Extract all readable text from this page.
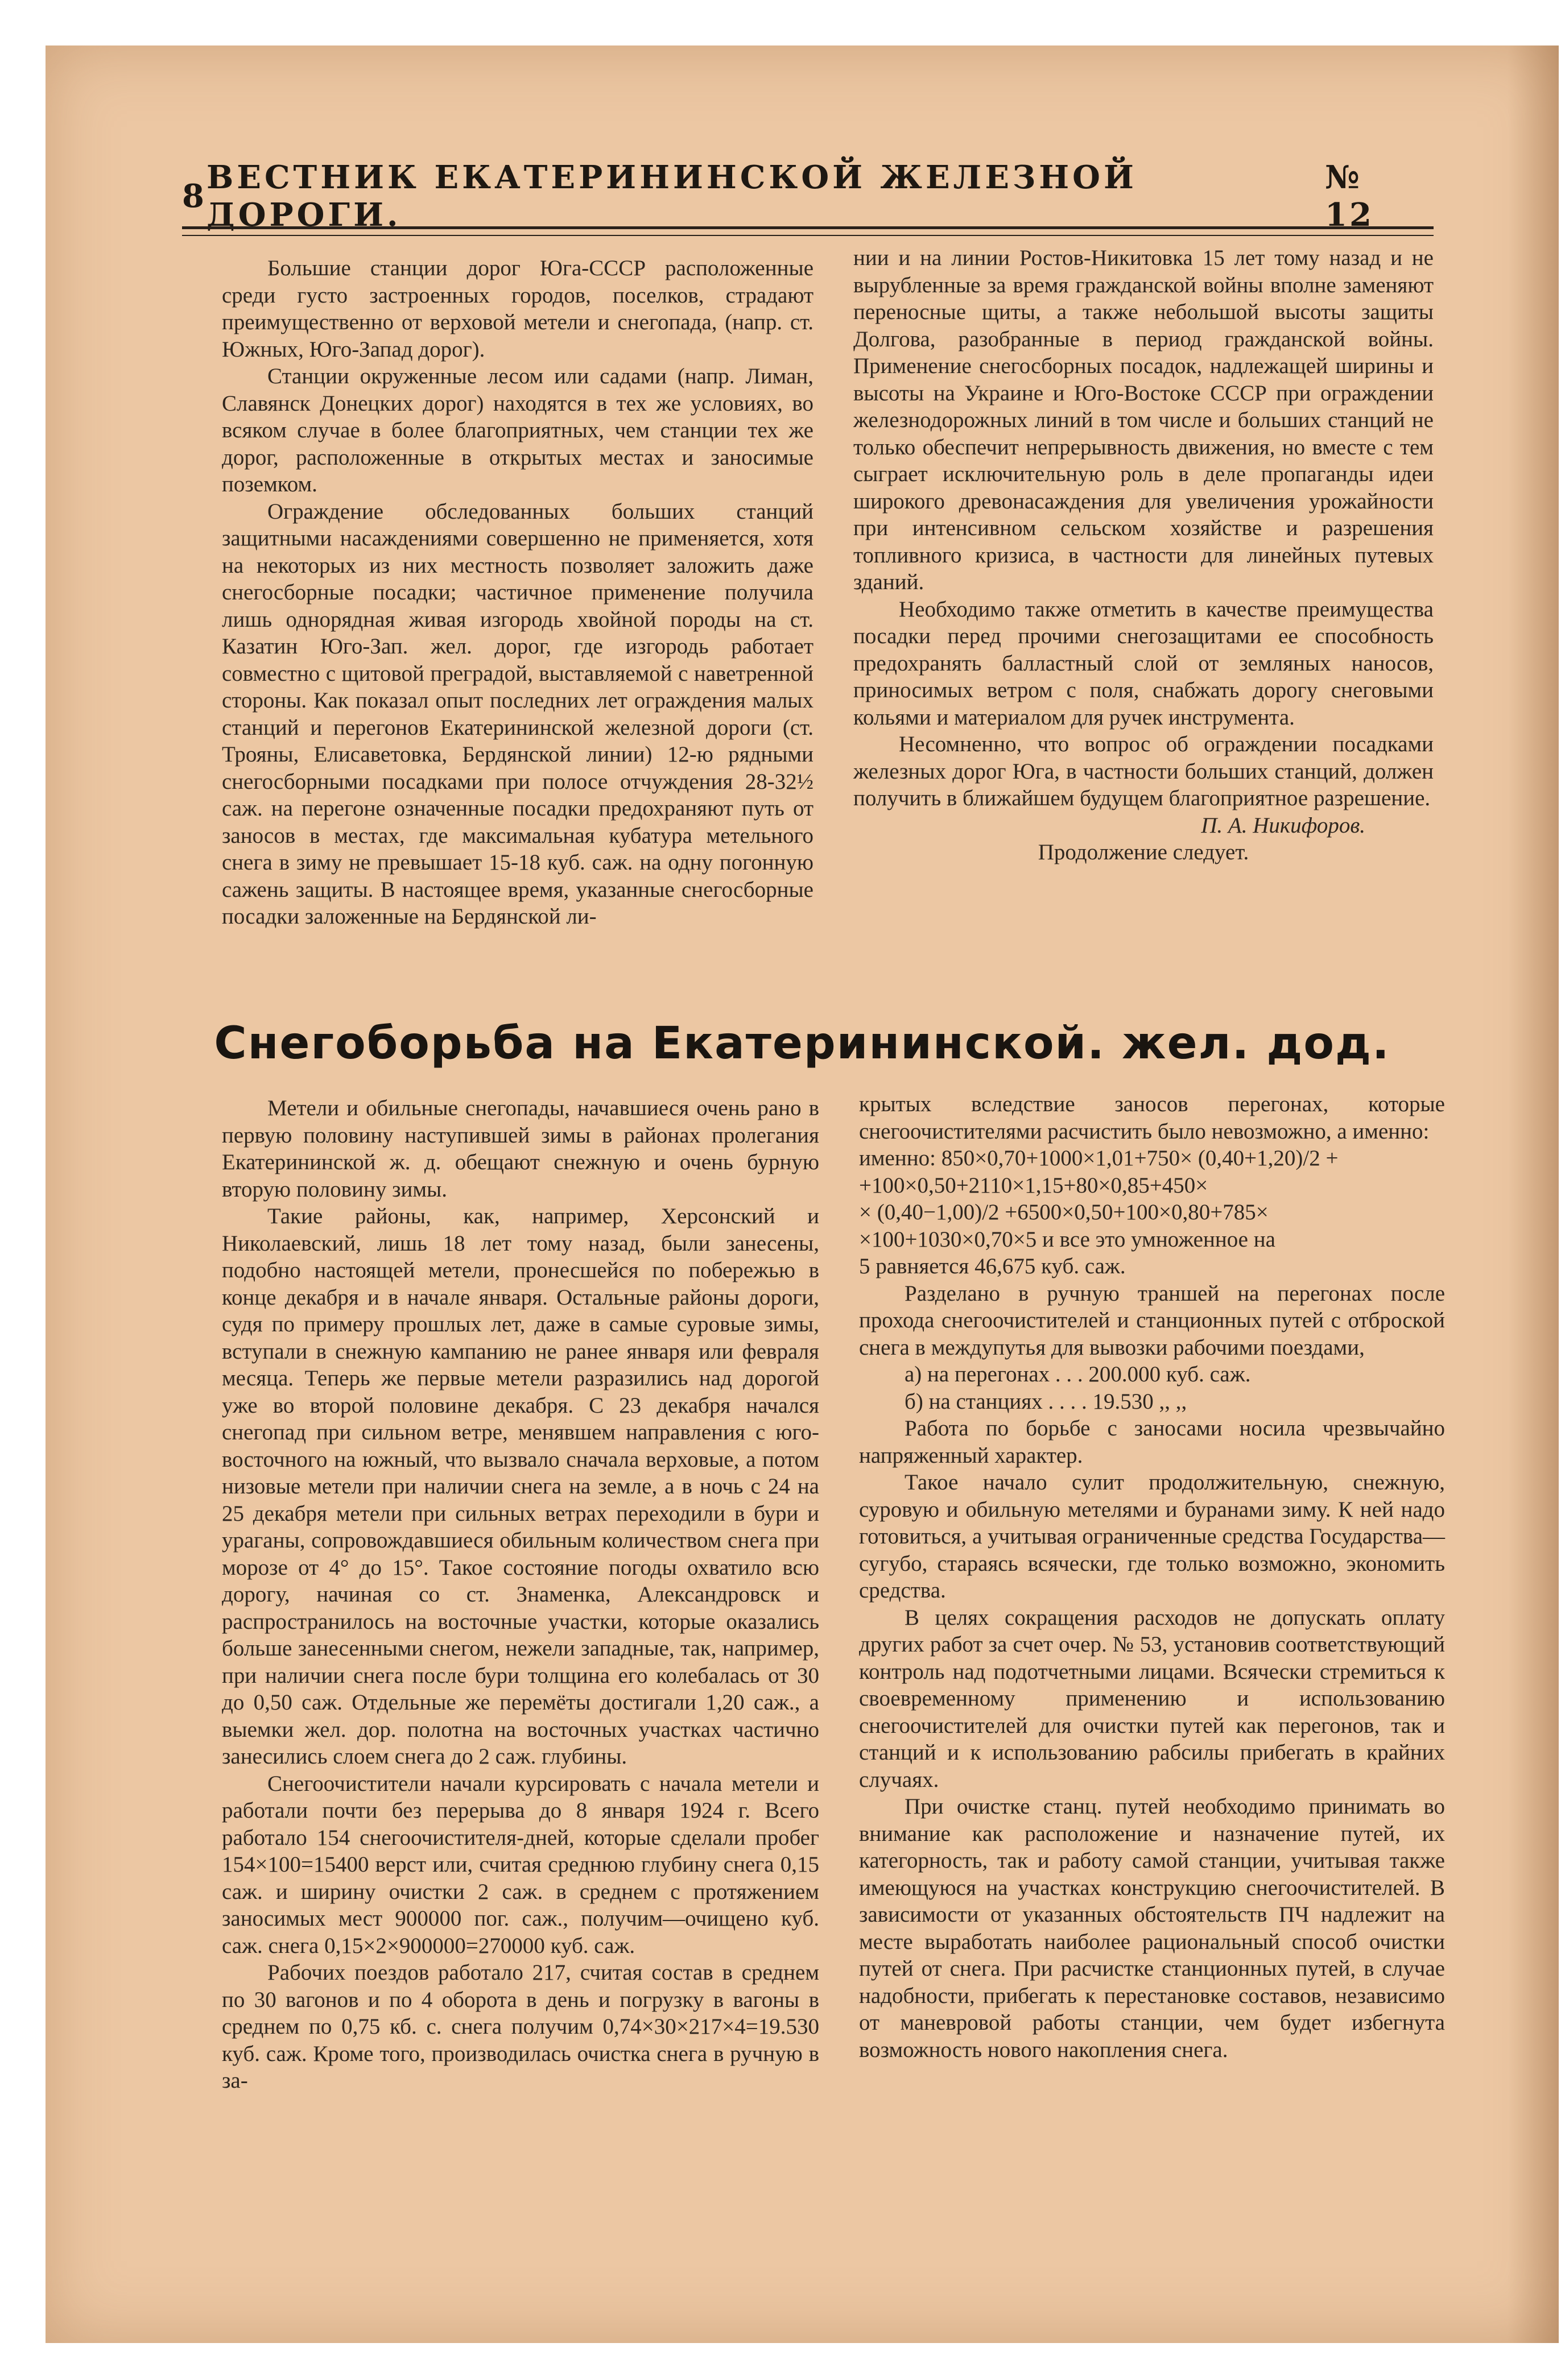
8 ВЕСТНИК ЕКАТЕРИНИНСКОЙ ЖЕЛЕЗНОЙ ДОРОГИ.
№ 12

Большие станции дорог Юга-СССР расположенные среди густо застроенных городов, поселков, страдают преимущественно от верховой метели и снегопада, (напр. ст. Южных, Юго-Запад дорог).

Станции окруженные лесом или садами (напр. Лиман, Славянск Донецких дорог) находятся в тех же условиях, во всяком случае в более благоприятных, чем станции тех же дорог, расположенные в открытых местах и заносимые поземком.

Ограждение обследованных больших станций защитными насаждениями совершенно не применяется, хотя на некоторых из них местность позволяет заложить даже снегосборные посадки; частичное применение получила лишь однорядная живая изгородь хвойной породы на ст. Казатин Юго-Зап. жел. дорог, где изгородь работает совместно с щитовой преградой, выставляемой с наветренной стороны. Как показал опыт последних лет ограждения малых станций и перегонов Екатерининской железной дороги (ст. Трояны, Елисаветовка, Бердянской линии) 12-ю рядными снегосборными посадками при полосе отчуждения 28-32½ саж. на перегоне означенные посадки предохраняют путь от заносов в местах, где максимальная кубатура метельного снега в зиму не превышает 15-18 куб. саж. на одну погонную сажень защиты. В настоящее время, указанные снегосборные посадки заложенные на Бердянской ли-

нии и на линии Ростов-Никитовка 15 лет тому назад и не вырубленные за время гражданской войны вполне заменяют переносные щиты, а также небольшой высоты защиты Долгова, разобранные в период гражданской войны. Применение снегосборных посадок, надлежащей ширины и высоты на Украине и Юго-Востоке СССР при ограждении железнодорожных линий в том числе и больших станций не только обеспечит непрерывность движения, но вместе с тем сыграет исключительную роль в деле пропаганды идеи широкого древонасаждения для увеличения урожайности при интенсивном сельском хозяйстве и разрешения топливного кризиса, в частности для линейных путевых зданий.

Необходимо также отметить в качестве преимущества посадки перед прочими снегозащитами ее способность предохранять балластный слой от земляных наносов, приносимых ветром с поля, снабжать дорогу снеговыми кольями и материалом для ручек инструмента.

Несомненно, что вопрос об ограждении посадками железных дорог Юга, в частности больших станций, должен получить в ближайшем будущем благоприятное разрешение.

П. А. Никифоров.

Продолжение следует.

Снегоборьба на Екатерининской. жел. дод.

Метели и обильные снегопады, начавшиеся очень рано в первую половину наступившей зимы в районах пролегания Екатерининской ж. д. обещают снежную и очень бурную вторую половину зимы.

Такие районы, как, например, Херсонский и Николаевский, лишь 18 лет тому назад, были занесены, подобно настоящей метели, пронесшейся по побережью в конце декабря и в начале января. Остальные районы дороги, судя по примеру прошлых лет, даже в самые суровые зимы, вступали в снежную кампанию не ранее января или февраля месяца. Теперь же первые метели разразились над дорогой уже во второй половине декабря. С 23 декабря начался снегопад при сильном ветре, менявшем направления с юго-восточного на южный, что вызвало сначала верховые, а потом низовые метели при наличии снега на земле, а в ночь с 24 на 25 декабря метели при сильных ветрах переходили в бури и ураганы, сопровождавшиеся обильным количеством снега при морозе от 4° до 15°. Такое состояние погоды охватило всю дорогу, начиная со ст. Знаменка, Александровск и распространилось на восточные участки, которые оказались больше занесенными снегом, нежели западные, так, например, при наличии снега после бури толщина его колебалась от 30 до 0,50 саж. Отдельные же перемёты достигали 1,20 саж., а выемки жел. дор. полотна на восточных участках частично занесились слоем снега до 2 саж. глубины.

Снегоочистители начали курсировать с начала метели и работали почти без перерыва до 8 января 1924 г. Всего работало 154 снегоочистителя-дней, которые сделали пробег 154×100=15400 верст или, считая среднюю глубину снега 0,15 саж. и ширину очистки 2 саж. в среднем с протяжением заносимых мест 900000 пог. саж., получим—очищено куб. саж. снега 0,15×2×900000=270000 куб. саж.

Рабочих поездов работало 217, считая состав в среднем по 30 вагонов и по 4 оборота в день и погрузку в вагоны в среднем по 0,75 кб. с. снега получим 0,74×30×217×4=19.530 куб. саж. Кроме того, производилась очистка снега в ручную в за-

крытых вследствие заносов перегонах, которые снегоочистителями расчистить было невозможно, а именно:

именно: 850×0,70+1000×1,01+750× (0,40+1,20)/2 +

+100×0,50+2110×1,15+80×0,85+450×

× (0,40−1,00)/2 +6500×0,50+100×0,80+785×

×100+1030×0,70×5 и все это умноженное на

5 равняется 46,675 куб. саж.

Разделано в ручную траншей на перегонах после прохода снегоочистителей и станционных путей с отброской снега в междупутья для вывозки рабочими поездами,

а) на перегонах . . . 200.000 куб. саж.

б) на станциях . . . . 19.530 ,, ,,

Работа по борьбе с заносами носила чрезвычайно напряженный характер.

Такое начало сулит продолжительную, снежную, суровую и обильную метелями и буранами зиму. К ней надо готовиться, а учитывая ограниченные средства Государства—сугубо, стараясь всячески, где только возможно, экономить средства.

В целях сокращения расходов не допускать оплату других работ за счет очер. № 53, установив соответствующий контроль над подотчетными лицами. Всячески стремиться к своевременному применению и использованию снегоочистителей для очистки путей как перегонов, так и станций и к использованию рабсилы прибегать в крайних случаях.

При очистке станц. путей необходимо принимать во внимание как расположение и назначение путей, их категорность, так и работу самой станции, учитывая также имеющуюся на участках конструкцию снегоочистителей. В зависимости от указанных обстоятельств ПЧ надлежит на месте выработать наиболее рациональный способ очистки путей от снега. При расчистке станционных путей, в случае надобности, прибегать к перестановке составов, независимо от маневровой работы станции, чем будет избегнута возможность нового накопления снега.
